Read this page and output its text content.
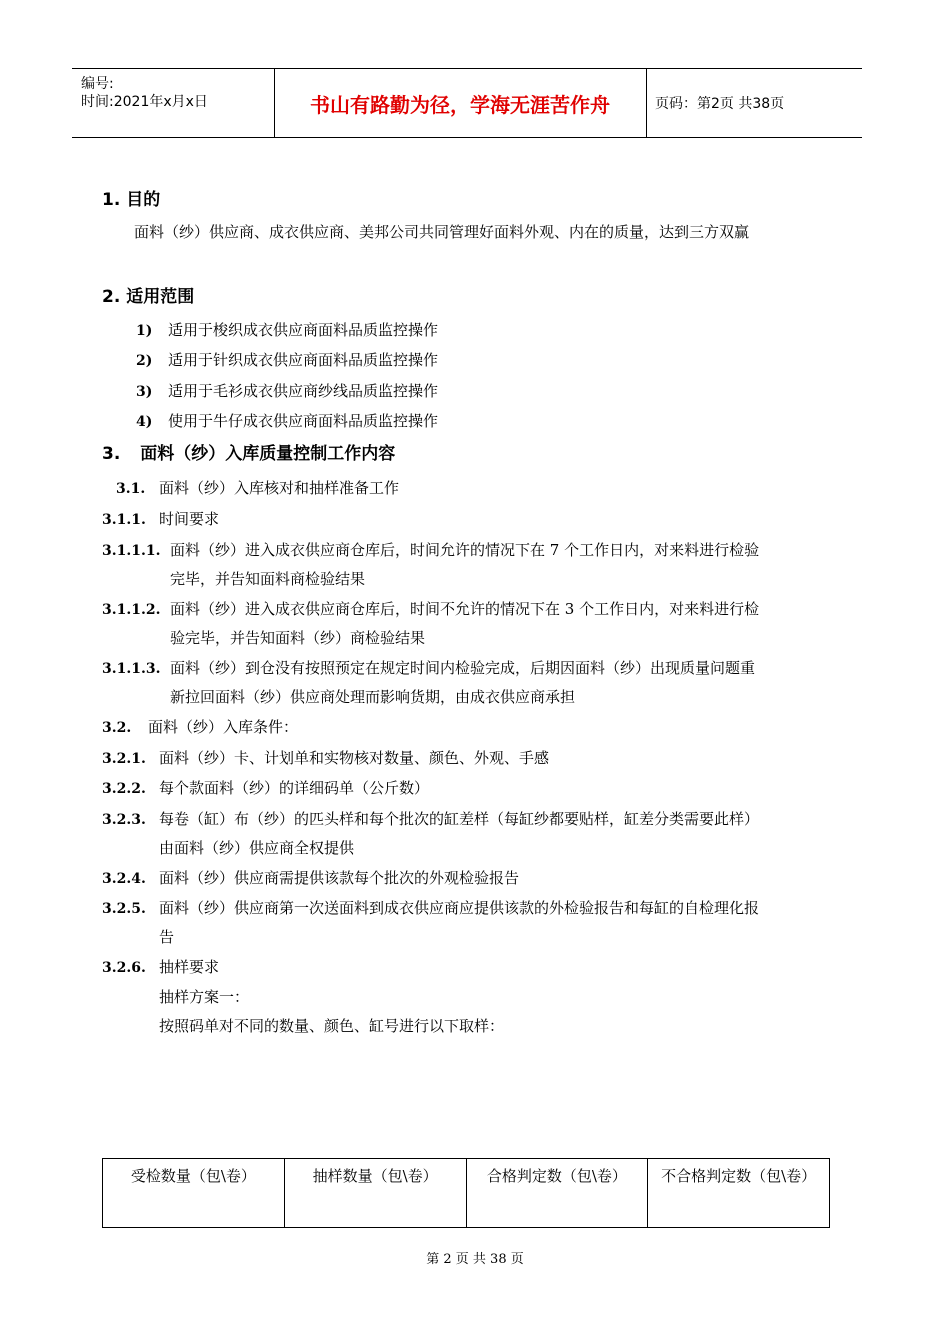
编号:
时间:2021年x月x日	书山有路勤为径，学海无涯苦作舟	页码：第2页 共38页
1. 目的
面料（纱）供应商、成衣供应商、美邦公司共同管理好面料外观、内在的质量，达到三方双赢
2. 适用范围
1) 适用于梭织成衣供应商面料品质监控操作
2) 适用于针织成衣供应商面料品质监控操作
3) 适用于毛衫成衣供应商纱线品质监控操作
4) 使用于牛仔成衣供应商面料品质监控操作
3. 面料（纱）入库质量控制工作内容
3.1. 面料（纱）入库核对和抽样准备工作
3.1.1. 时间要求
3.1.1.1. 面料（纱）进入成衣供应商仓库后，时间允许的情况下在 7 个工作日内，对来料进行检验
完毕，并告知面料商检验结果
3.1.1.2. 面料（纱）进入成衣供应商仓库后，时间不允许的情况下在 3 个工作日内，对来料进行检
验完毕，并告知面料（纱）商检验结果
3.1.1.3. 面料（纱）到仓没有按照预定在规定时间内检验完成，后期因面料（纱）出现质量问题重
新拉回面料（纱）供应商处理而影响货期，由成衣供应商承担
3.2. 面料（纱）入库条件：
3.2.1. 面料（纱）卡、计划单和实物核对数量、颜色、外观、手感
3.2.2. 每个款面料（纱）的详细码单（公斤数）
3.2.3. 每卷（缸）布（纱）的匹头样和每个批次的缸差样（每缸纱都要贴样，缸差分类需要此样）
由面料（纱）供应商全权提供
3.2.4. 面料（纱）供应商需提供该款每个批次的外观检验报告
3.2.5. 面料（纱）供应商第一次送面料到成衣供应商应提供该款的外检验报告和每缸的自检理化报
告
3.2.6. 抽样要求
抽样方案一：
按照码单对不同的数量、颜色、缸号进行以下取样：
受检数量（包\卷）	抽样数量（包\卷）	合格判定数（包\卷）	不合格判定数（包\卷）
第 2 页 共 38 页
